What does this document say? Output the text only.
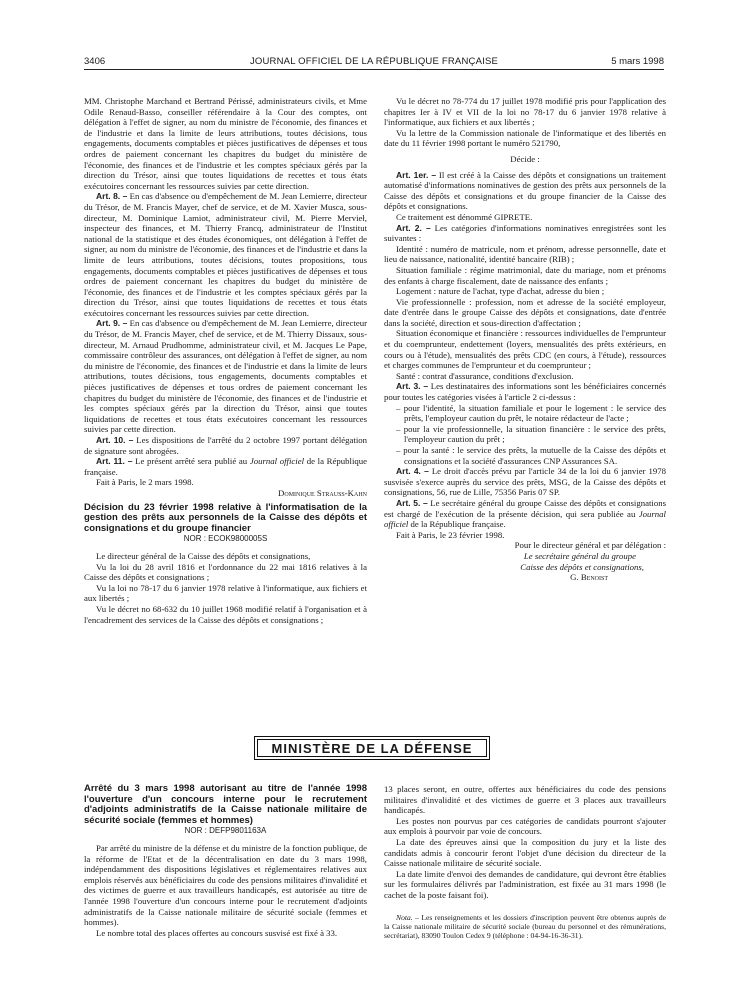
3406	JOURNAL OFFICIEL DE LA RÉPUBLIQUE FRANÇAISE	5 mars 1998

MM. Christophe Marchand et Bertrand Périssé, administrateurs civils, et Mme Odile Renaud-Basso, conseiller référendaire à la Cour des comptes, ont délégation à l'effet de signer, au nom du ministre de l'économie, des finances et de l'industrie et dans la limite de leurs attributions, toutes décisions, tous engagements, documents comptables et pièces justificatives de dépenses et tous ordres de paiement concernant les chapitres du budget du ministère de l'économie, des finances et de l'industrie et les comptes spéciaux gérés par la direction du Trésor, ainsi que toutes liquidations de recettes et tous états exécutoires concernant les ressources suivies par cette direction.

Art. 8. – En cas d'absence ou d'empêchement de M. Jean Lemierre, directeur du Trésor, de M. Francis Mayer, chef de service, et de M. Xavier Musca, sous-directeur, M. Dominique Lamiot, administrateur civil, M. Pierre Mervieł, inspecteur des finances, et M. Thierry Francq, administrateur de l'Institut national de la statistique et des études économiques, ont délégation à l'effet de signer, au nom du ministre de l'économie, des finances et de l'industrie et dans la limite de leurs attributions, toutes décisions, toutes propositions, tous engagements, documents comptables et pièces justificatives de dépenses et tous ordres de paiement concernant les chapitres du budget du ministère de l'économie, des finances et de l'industrie et les comptes spéciaux gérés par la direction du Trésor, ainsi que toutes liquidations de recettes et tous états exécutoires concernant les ressources suivies par cette direction.

Art. 9. – En cas d'absence ou d'empêchement de M. Jean Lemierre, directeur du Trésor, de M. Francis Mayer, chef de service, et de M. Thierry Dissaux, sous-directeur, M. Arnaud Prudhomme, administrateur civil, et M. Jacques Le Pape, commissaire contrôleur des assurances, ont délégation à l'effet de signer, au nom du ministre de l'économie, des finances et de l'industrie et dans la limite de leurs attributions, toutes décisions, tous engagements, documents comptables et pièces justificatives de dépenses et tous ordres de paiement concernant les chapitres du budget du ministère de l'économie, des finances et de l'industrie et les comptes spéciaux gérés par la direction du Trésor, ainsi que toutes liquidations de recettes et tous états exécutoires concernant les ressources suivies par cette direction.

Art. 10. – Les dispositions de l'arrêté du 2 octobre 1997 portant délégation de signature sont abrogées.

Art. 11. – Le présent arrêté sera publié au Journal officiel de la République française.

Fait à Paris, le 2 mars 1998.

Dominique Strauss-Kahn

Décision du 23 février 1998 relative à l'informatisation de la gestion des prêts aux personnels de la Caisse des dépôts et consignations et du groupe financier

NOR : ECOK9800005S

Le directeur général de la Caisse des dépôts et consignations,

Vu la loi du 28 avril 1816 et l'ordonnance du 22 mai 1816 relatives à la Caisse des dépôts et consignations ;

Vu la loi no 78-17 du 6 janvier 1978 relative à l'informatique, aux fichiers et aux libertés ;

Vu le décret no 68-632 du 10 juillet 1968 modifié relatif à l'organisation et à l'encadrement des services de la Caisse des dépôts et consignations ;

Vu le décret no 78-774 du 17 juillet 1978 modifié pris pour l'application des chapitres Ier à IV et VII de la loi no 78-17 du 6 janvier 1978 relative à l'informatique, aux fichiers et aux libertés ;

Vu la lettre de la Commission nationale de l'informatique et des libertés en date du 11 février 1998 portant le numéro 521790,

Décide :

Art. 1er. – Il est créé à la Caisse des dépôts et consignations un traitement automatisé d'informations nominatives de gestion des prêts aux personnels de la Caisse des dépôts et consignations et du groupe financier de la Caisse des dépôts et consignations.

Ce traitement est dénommé GIPRETE.

Art. 2. – Les catégories d'informations nominatives enregistrées sont les suivantes :

Identité : numéro de matricule, nom et prénom, adresse personnelle, date et lieu de naissance, nationalité, identité bancaire (RIB) ;

Situation familiale : régime matrimonial, date du mariage, nom et prénoms des enfants à charge fiscalement, date de naissance des enfants ;

Logement : nature de l'achat, type d'achat, adresse du bien ;

Vie professionnelle : profession, nom et adresse de la société employeur, date d'entrée dans le groupe Caisse des dépôts et consignations, date d'entrée dans la société, direction et sous-direction d'affectation ;

Situation économique et financière : ressources individuelles de l'emprunteur et du coemprunteur, endettement (loyers, mensualités des prêts extérieurs, en cours ou à l'étude), mensualités des prêts CDC (en cours, à l'étude), ressources et charges communes de l'emprunteur et du coemprunteur ;

Santé : contrat d'assurance, conditions d'exclusion.

Art. 3. – Les destinataires des informations sont les bénéficiaires concernés pour toutes les catégories visées à l'article 2 ci-dessus :

– pour l'identité, la situation familiale et pour le logement : le service des prêts, l'employeur caution du prêt, le notaire rédacteur de l'acte ;

– pour la vie professionnelle, la situation financière : le service des prêts, l'employeur caution du prêt ;

– pour la santé : le service des prêts, la mutuelle de la Caisse des dépôts et consignations et la société d'assurances CNP Assurances SA.

Art. 4. – Le droit d'accès prévu par l'article 34 de la loi du 6 janvier 1978 susvisée s'exerce auprès du service des prêts, MSG, de la Caisse des dépôts et consignations, 56, rue de Lille, 75356 Paris 07 SP.

Art. 5. – Le secrétaire général du groupe Caisse des dépôts et consignations est chargé de l'exécution de la présente décision, qui sera publiée au Journal officiel de la République française.

Fait à Paris, le 23 février 1998.

Pour le directeur général et par délégation :

Le secrétaire général du groupe

Caisse des dépôts et consignations,

G. Benoist

MINISTÈRE DE LA DÉFENSE

Arrêté du 3 mars 1998 autorisant au titre de l'année 1998 l'ouverture d'un concours interne pour le recrutement d'adjoints administratifs de la Caisse nationale militaire de sécurité sociale (femmes et hommes)

NOR : DEFP9801163A

Par arrêté du ministre de la défense et du ministre de la fonction publique, de la réforme de l'Etat et de la décentralisation en date du 3 mars 1998, indépendamment des dispositions législatives et réglementaires relatives aux emplois réservés aux bénéficiaires du code des pensions militaires d'invalidité et des victimes de guerre et aux travailleurs handicapés, est autorisée au titre de l'année 1998 l'ouverture d'un concours interne pour le recrutement d'adjoints administratifs de la Caisse nationale militaire de sécurité sociale (femmes et hommes).

Le nombre total des places offertes au concours susvisé est fixé à 33.

13 places seront, en outre, offertes aux bénéficiaires du code des pensions militaires d'invalidité et des victimes de guerre et 3 places aux travailleurs handicapés.

Les postes non pourvus par ces catégories de candidats pourront s'ajouter aux emplois à pourvoir par voie de concours.

La date des épreuves ainsi que la composition du jury et la liste des candidats admis à concourir feront l'objet d'une décision du directeur de la Caisse nationale militaire de sécurité sociale.

La date limite d'envoi des demandes de candidature, qui devront être établies sur les formulaires délivrés par l'administration, est fixée au 31 mars 1998 (le cachet de la poste faisant foi).

Nota. – Les renseignements et les dossiers d'inscription peuvent être obtenus auprès de la Caisse nationale militaire de sécurité sociale (bureau du personnel et des rémunérations, secrétariat), 83090 Toulon Cedex 9 (téléphone : 04-94-16-36-31).
